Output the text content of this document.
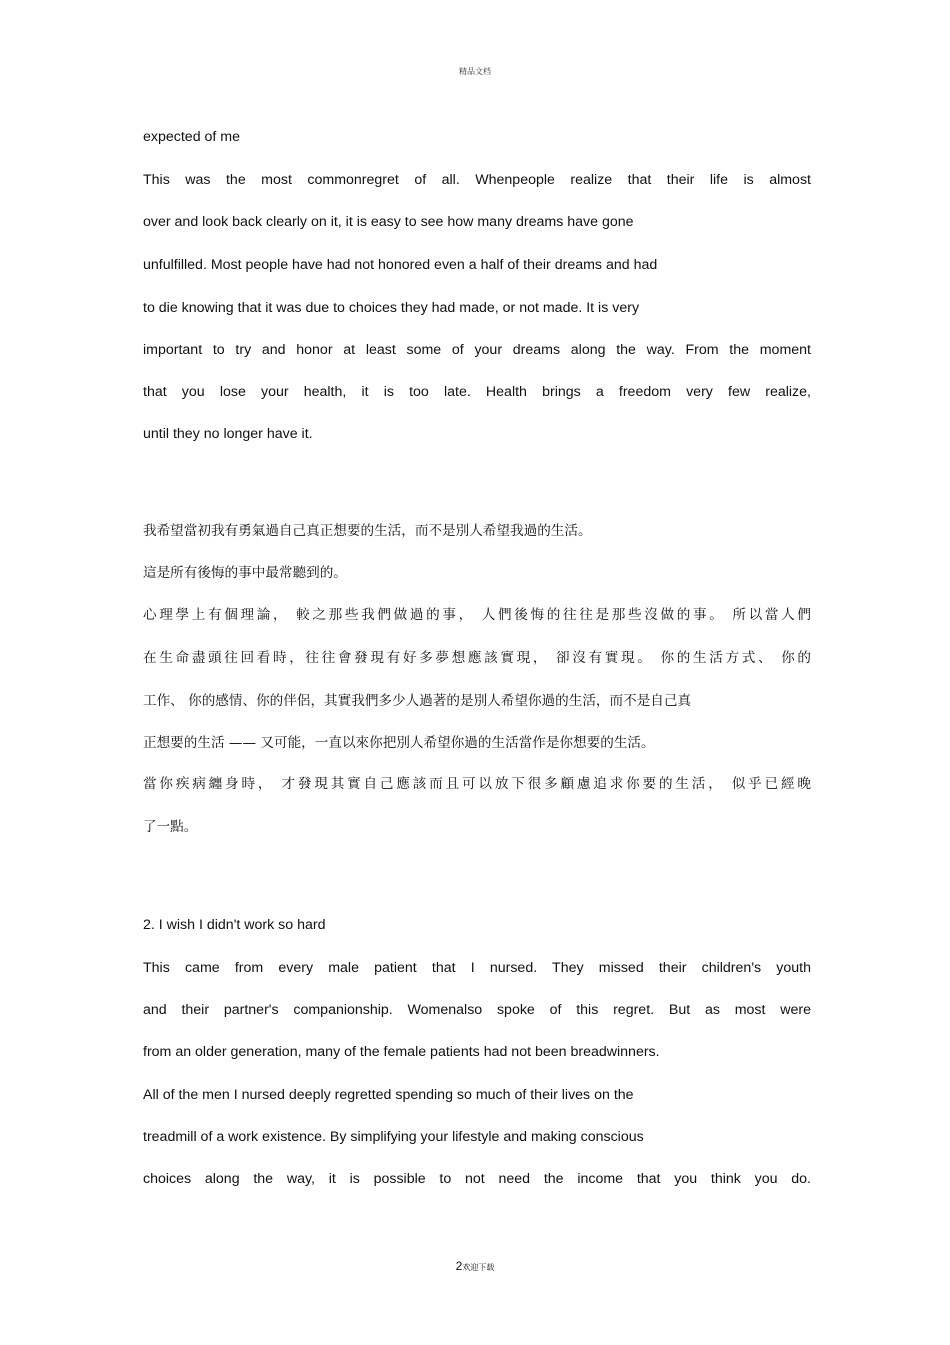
精品文档
expected of me
This was the most commonregret of all. Whenpeople realize that their life is almost
over and look back clearly on it, it is easy to see how many dreams have gone
unfulfilled. Most people have had not honored even a half of their dreams and had
to die knowing that it was due to choices they had made, or not made. It is very
important to try and honor at least some of your dreams along the way. From the moment
that you lose your health, it is too late. Health brings a freedom very few realize,
until they no longer have it.
我希望當初我有勇氣過自己真正想要的生活，而不是別人希望我過的生活。
這是所有後悔的事中最常聽到的。
心理學上有個理論， 較之那些我們做過的事， 人們後悔的往往是那些沒做的事。 所以當人們
在生命盡頭往回看時，往往會發現有好多夢想應該實現， 卻沒有實現。 你的生活方式、 你的
工作、 你的感情、你的伴侶，其實我們多少人過著的是別人希望你過的生活，而不是自己真
正想要的生活 —— 又可能，一直以來你把別人希望你過的生活當作是你想要的生活。
當你疾病纏身時， 才發現其實自己應該而且可以放下很多顧慮追求你要的生活， 似乎已經晚
了一點。
2. I wish I didn't work so hard
This came from every male patient that I nursed. They missed their children's youth
and their partner's companionship. Womenalso spoke of this regret. But as most were
from an older generation, many of the female patients had not been breadwinners.
All of the men I nursed deeply regretted spending so much of their lives on the
treadmill of a work existence. By simplifying your lifestyle and making conscious
choices along the way, it is possible to not need the income that you think you do.
2欢迎下载
